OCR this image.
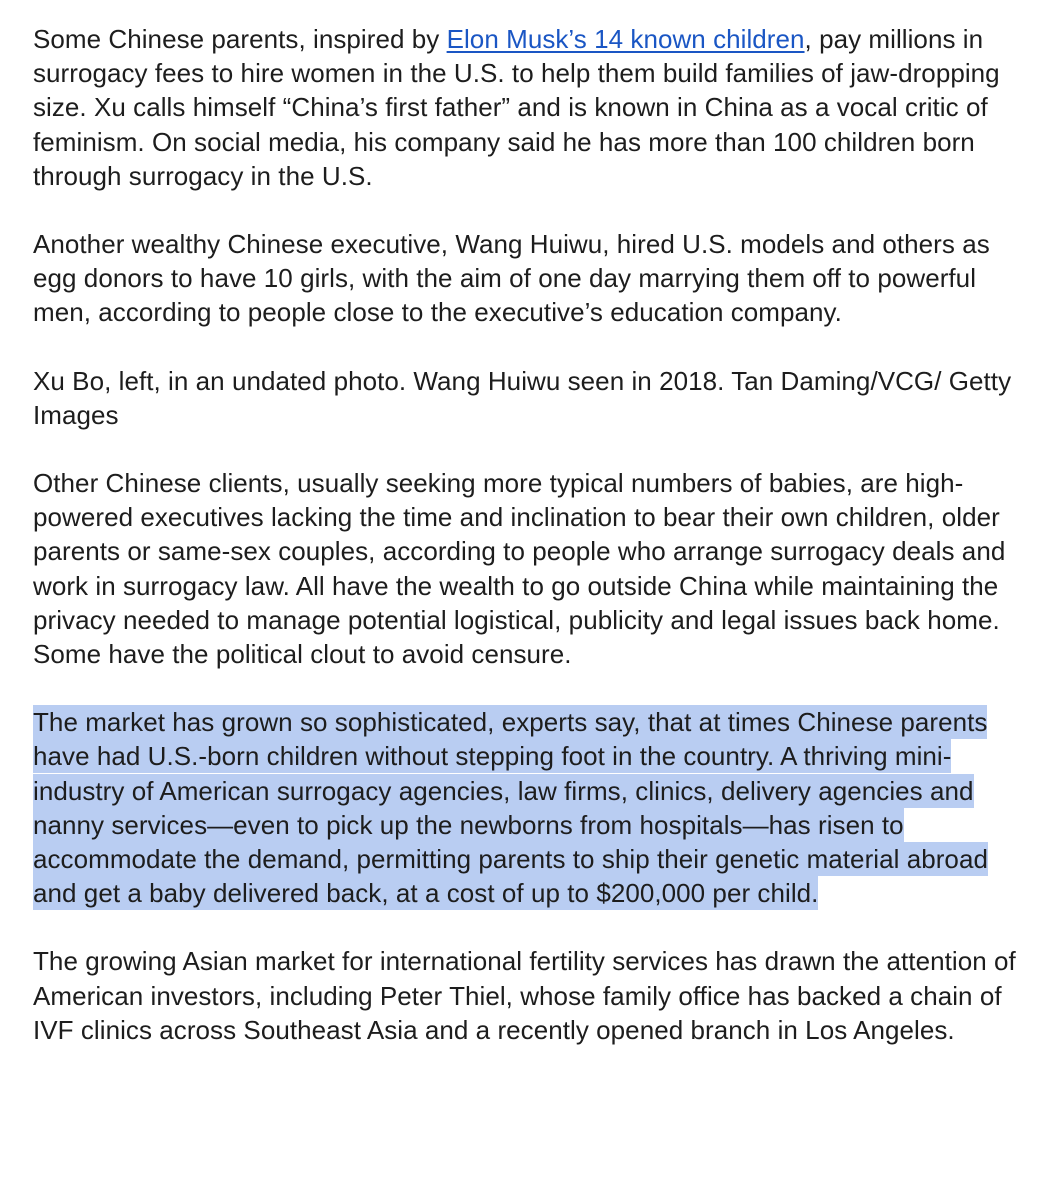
Some Chinese parents, inspired by Elon Musk’s 14 known children, pay millions in surrogacy fees to hire women in the U.S. to help them build families of jaw-dropping size. Xu calls himself “China’s first father” and is known in China as a vocal critic of feminism. On social media, his company said he has more than 100 children born through surrogacy in the U.S.

Another wealthy Chinese executive, Wang Huiwu, hired U.S. models and others as egg donors to have 10 girls, with the aim of one day marrying them off to powerful men, according to people close to the executive’s education company.

Xu Bo, left, in an undated photo. Wang Huiwu seen in 2018. Tan Daming/VCG/ Getty Images

Other Chinese clients, usually seeking more typical numbers of babies, are high-powered executives lacking the time and inclination to bear their own children, older parents or same-sex couples, according to people who arrange surrogacy deals and work in surrogacy law. All have the wealth to go outside China while maintaining the privacy needed to manage potential logistical, publicity and legal issues back home. Some have the political clout to avoid censure.

The market has grown so sophisticated, experts say, that at times Chinese parents have had U.S.-born children without stepping foot in the country. A thriving mini-industry of American surrogacy agencies, law firms, clinics, delivery agencies and nanny services—even to pick up the newborns from hospitals—has risen to accommodate the demand, permitting parents to ship their genetic material abroad and get a baby delivered back, at a cost of up to $200,000 per child.

The growing Asian market for international fertility services has drawn the attention of American investors, including Peter Thiel, whose family office has backed a chain of IVF clinics across Southeast Asia and a recently opened branch in Los Angeles.
